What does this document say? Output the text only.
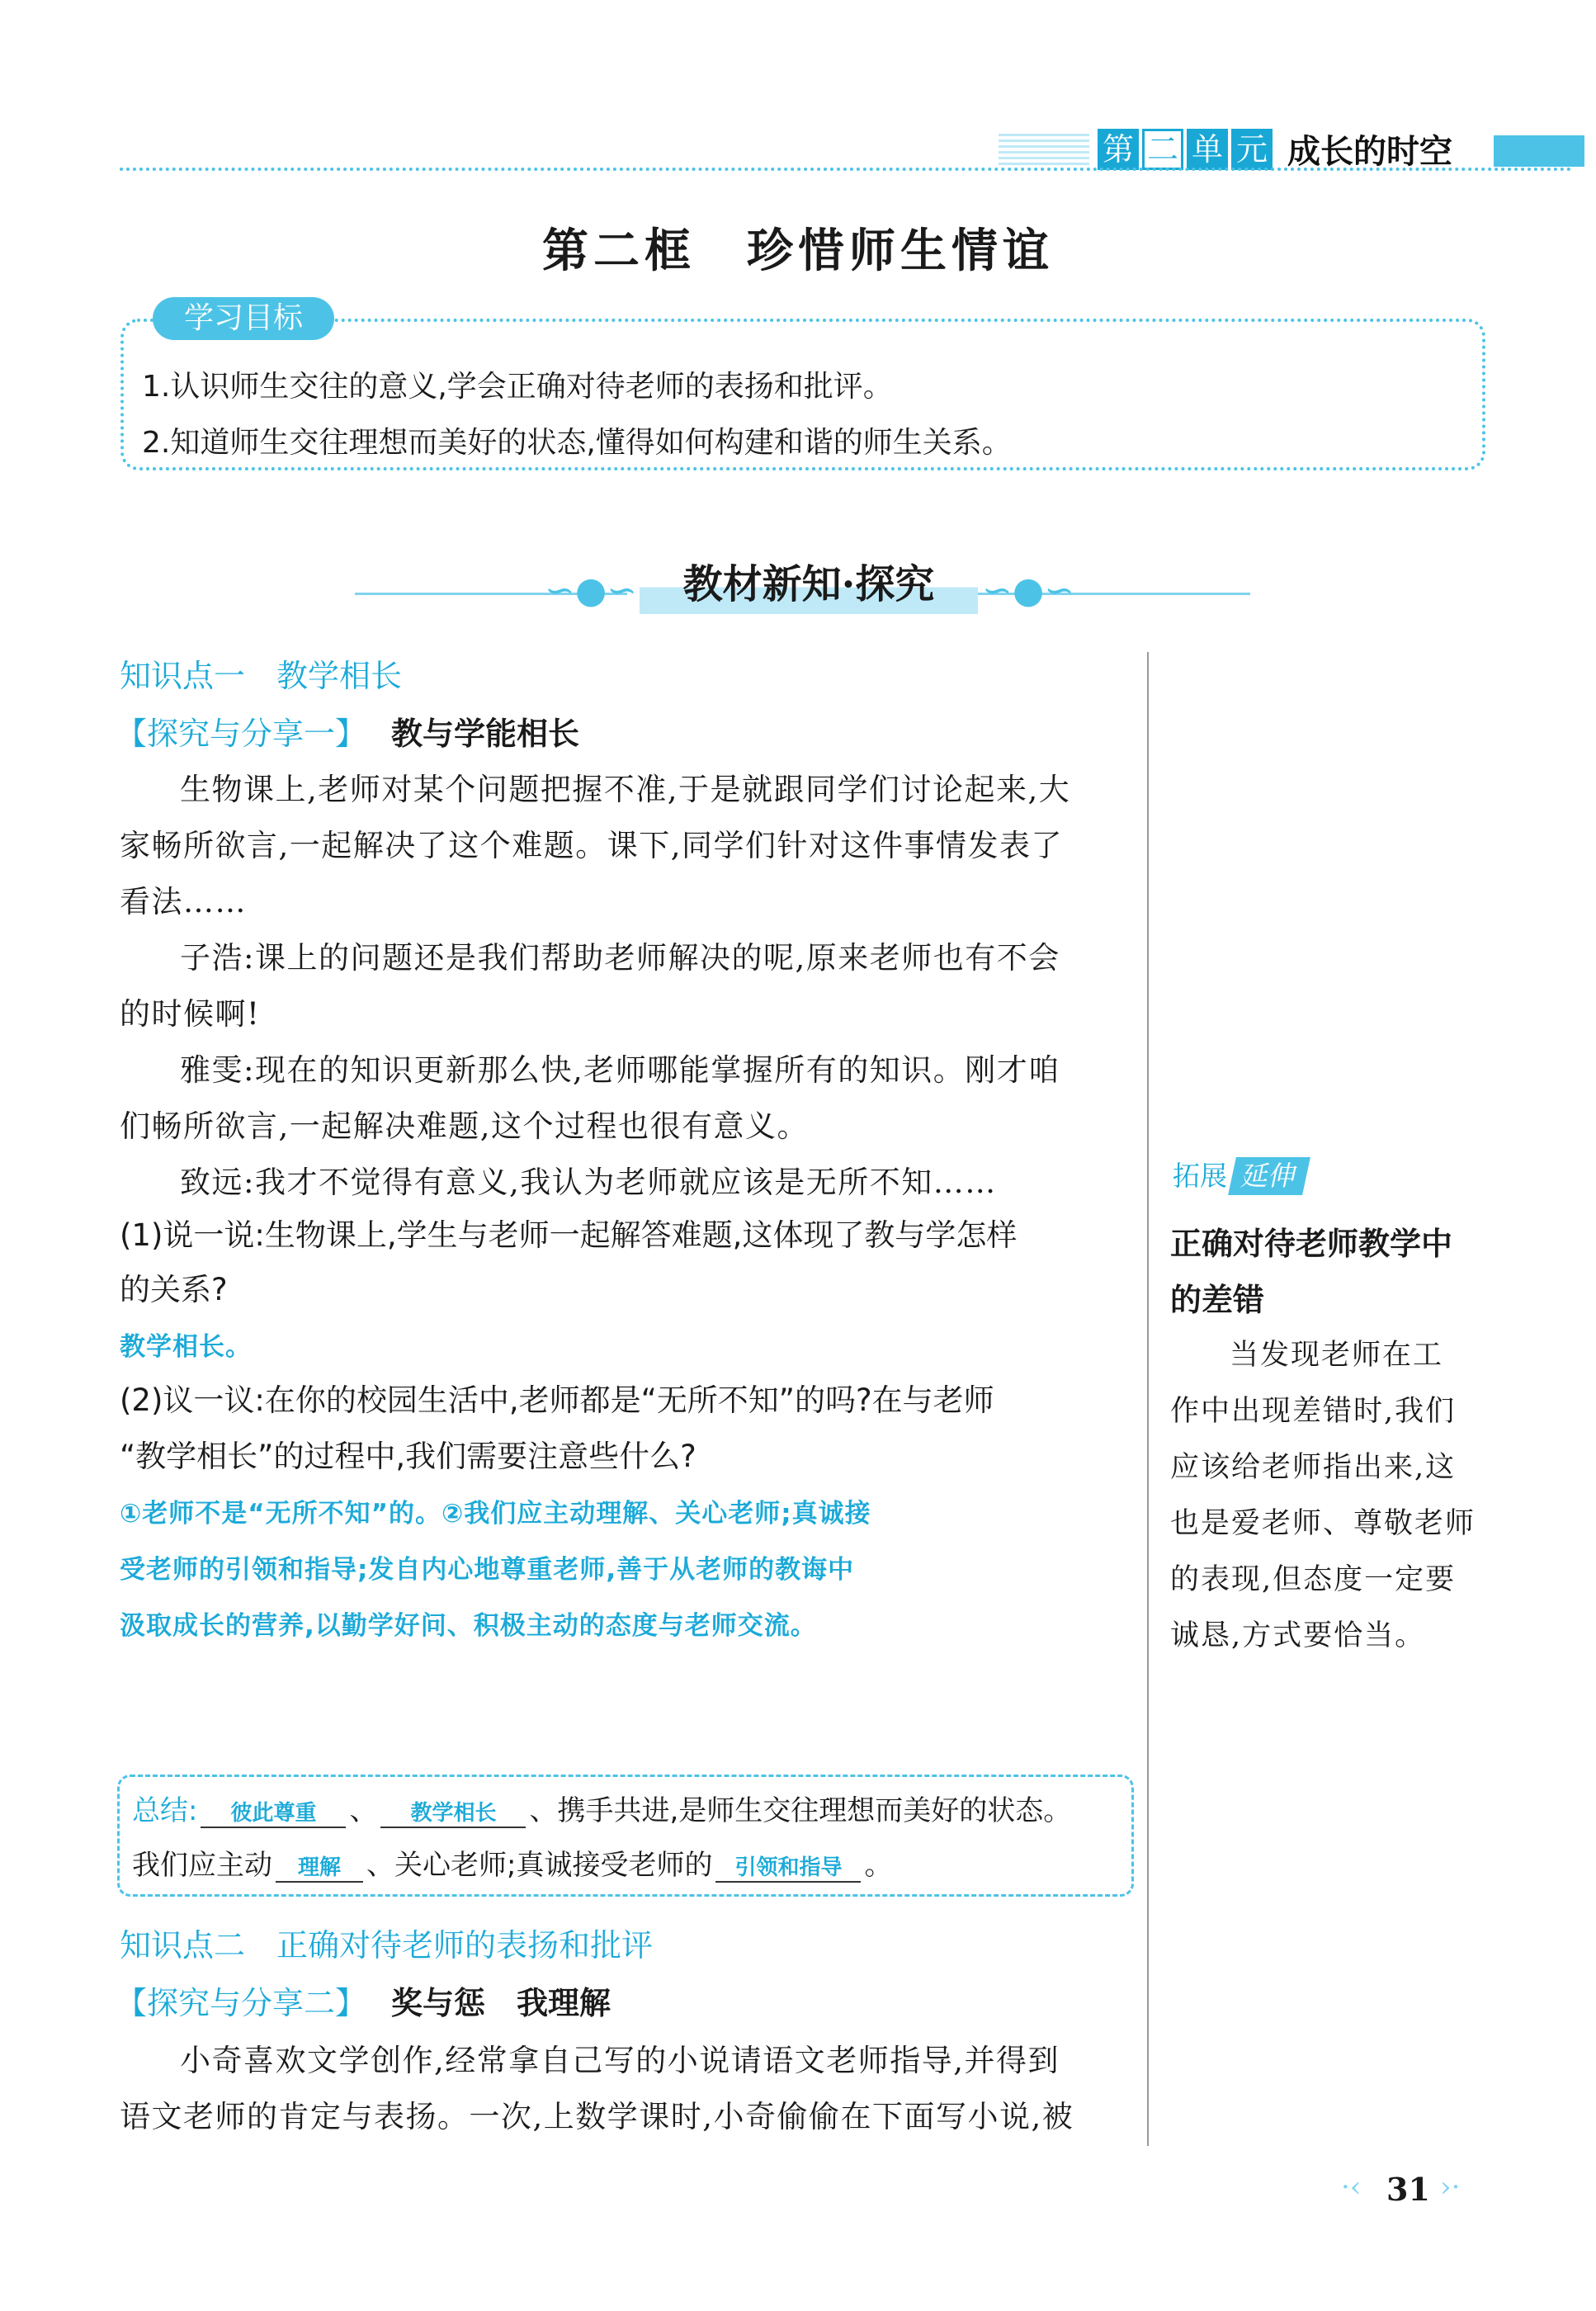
第 二 单 元 成长的时空
第二框　珍惜师生情谊
学习目标
1.认识师生交往的意义,学会正确对待老师的表扬和批评。
2.知道师生交往理想而美好的状态,懂得如何构建和谐的师生关系。
∽●∽	∽●∽
教材新知·探究
知识点一　教学相长
【探究与分享一】 教与学能相长
生物课上,老师对某个问题把握不准,于是就跟同学们讨论起来,大
家畅所欲言,一起解决了这个难题。课下,同学们针对这件事情发表了
看法……
子浩:课上的问题还是我们帮助老师解决的呢,原来老师也有不会
的时候啊!
雅雯:现在的知识更新那么快,老师哪能掌握所有的知识。刚才咱
们畅所欲言,一起解决难题,这个过程也很有意义。
致远:我才不觉得有意义,我认为老师就应该是无所不知……
(1)说一说:生物课上,学生与老师一起解答难题,这体现了教与学怎样
的关系?
教学相长。
(2)议一议:在你的校园生活中,老师都是“无所不知”的吗?在与老师
“教学相长”的过程中,我们需要注意些什么?
①老师不是“无所不知”的。②我们应主动理解、关心老师;真诚接
受老师的引领和指导;发自内心地尊重老师,善于从老师的教诲中
汲取成长的营养,以勤学好问、积极主动的态度与老师交流。
总结: 彼此尊重 、 教学相长 、携手共进,是师生交往理想而美好的状态。
我们应主动 理解 、关心老师;真诚接受老师的 引领和指导 。
知识点二　正确对待老师的表扬和批评
【探究与分享二】 奖与惩　我理解
小奇喜欢文学创作,经常拿自己写的小说请语文老师指导,并得到
语文老师的肯定与表扬。一次,上数学课时,小奇偷偷在下面写小说,被
拓展 延伸
正确对待老师教学中
的差错
当发现老师在工
作中出现差错时,我们
应该给老师指出来,这
也是爱老师、尊敬老师
的表现,但态度一定要
诚恳,方式要恰当。
·‹ 31 ›·
